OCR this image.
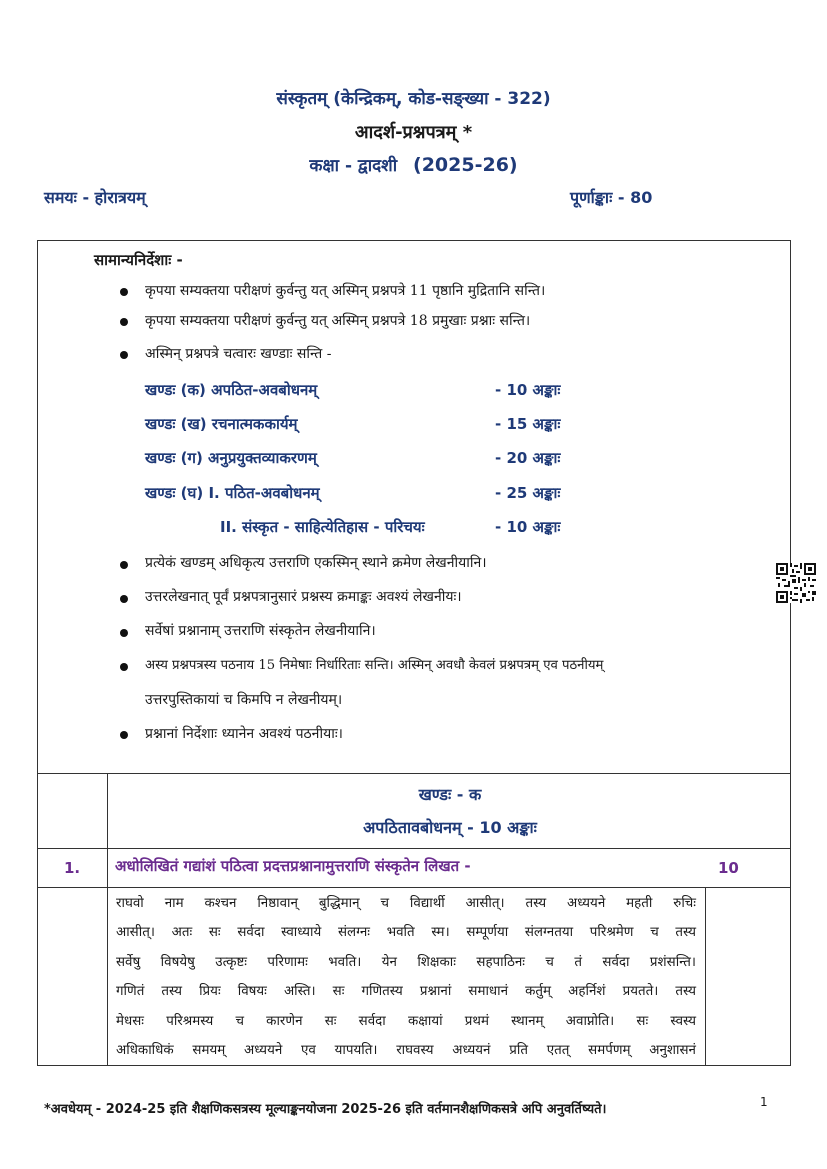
संस्कृतम् (केन्द्रिकम्, कोड-सङ्ख्या - 322)
आदर्श-प्रश्नपत्रम् *
कक्षा - द्वादशी (2025-26)
समयः - होरात्रयम्	पूर्णाङ्काः - 80
सामान्यनिर्देशाः -
कृपया सम्यक्तया परीक्षणं कुर्वन्तु यत् अस्मिन् प्रश्नपत्रे 11 पृष्ठानि मुद्रितानि सन्ति।
कृपया सम्यक्तया परीक्षणं कुर्वन्तु यत् अस्मिन् प्रश्नपत्रे 18 प्रमुखाः प्रश्नाः सन्ति।
अस्मिन् प्रश्नपत्रे चत्वारः खण्डाः सन्ति -
खण्डः (क) अपठित-अवबोधनम्	- 10 अङ्काः
खण्डः (ख) रचनात्मककार्यम्	- 15 अङ्काः
खण्डः (ग) अनुप्रयुक्तव्याकरणम्	- 20 अङ्काः
खण्डः (घ) I. पठित-अवबोधनम्	- 25 अङ्काः
II. संस्कृत - साहित्येतिहास - परिचयः	- 10 अङ्काः
प्रत्येकं खण्डम् अधिकृत्य उत्तराणि एकस्मिन् स्थाने क्रमेण लेखनीयानि।
उत्तरलेखनात् पूर्वं प्रश्नपत्रानुसारं प्रश्नस्य क्रमाङ्कः अवश्यं लेखनीयः।
सर्वेषां प्रश्नानाम् उत्तराणि संस्कृतेन लेखनीयानि।
अस्य प्रश्नपत्रस्य पठनाय 15 निमेषाः निर्धारिताः सन्ति। अस्मिन् अवधौ केवलं प्रश्नपत्रम् एव पठनीयम्
उत्तरपुस्तिकायां च किमपि न लेखनीयम्।
प्रश्नानां निर्देशाः ध्यानेन अवश्यं पठनीयाः।
खण्डः - क
अपठितावबोधनम् - 10 अङ्काः
1. अधोलिखितं गद्यांशं पठित्वा प्रदत्तप्रश्नानामुत्तराणि संस्कृतेन लिखत -	10
राघवो नाम कश्चन निष्ठावान् बुद्धिमान् च विद्यार्थी आसीत्। तस्य अध्ययने महती रुचिः
आसीत्। अतः सः सर्वदा स्वाध्याये संलग्नः भवति स्म। सम्पूर्णया संलग्नतया परिश्रमेण च तस्य
सर्वेषु विषयेषु उत्कृष्टः परिणामः भवति। येन शिक्षकाः सहपाठिनः च तं सर्वदा प्रशंसन्ति।
गणितं तस्य प्रियः विषयः अस्ति। सः गणितस्य प्रश्नानां समाधानं कर्तुम् अहर्निशं प्रयतते। तस्य
मेधसः परिश्रमस्य च कारणेन सः सर्वदा कक्षायां प्रथमं स्थानम् अवाप्नोति। सः स्वस्य
अधिकाधिकं समयम् अध्ययने एव यापयति। राघवस्य अध्ययनं प्रति एतत् समर्पणम् अनुशासनं
*अवधेयम् - 2024-25 इति शैक्षणिकसत्रस्य मूल्याङ्कनयोजना 2025-26 इति वर्तमानशैक्षणिकसत्रे अपि अनुवर्तिष्यते।	1
